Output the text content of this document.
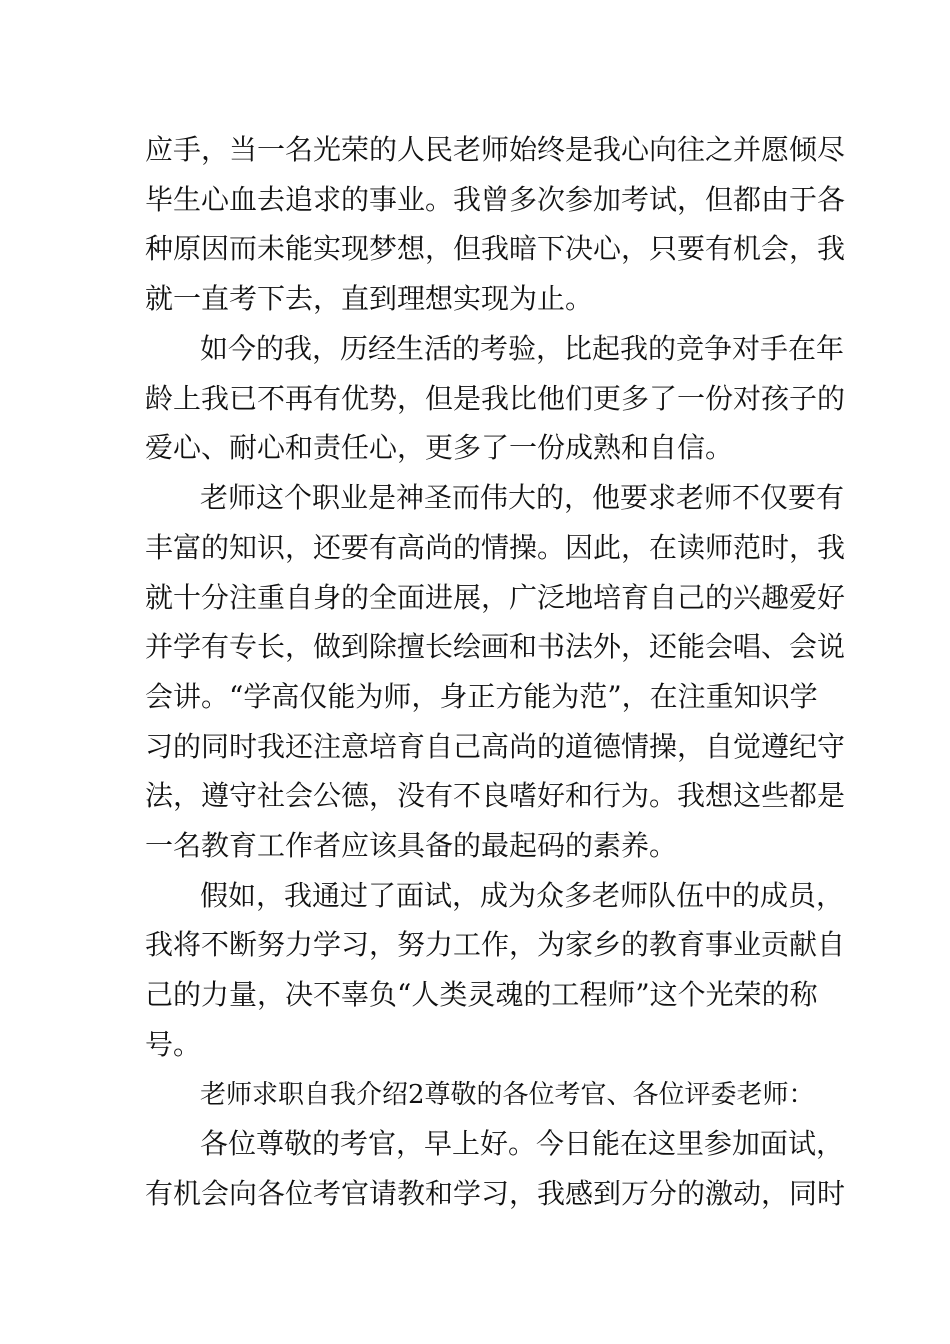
应手，当一名光荣的人民老师始终是我心向往之并愿倾尽
毕生心血去追求的事业。我曾多次参加考试，但都由于各
种原因而未能实现梦想，但我暗下决心，只要有机会，我
就一直考下去，直到理想实现为止。
如今的我，历经生活的考验，比起我的竞争对手在年
龄上我已不再有优势，但是我比他们更多了一份对孩子的
爱心、耐心和责任心，更多了一份成熟和自信。
老师这个职业是神圣而伟大的，他要求老师不仅要有
丰富的知识，还要有高尚的情操。因此，在读师范时，我
就十分注重自身的全面进展，广泛地培育自己的兴趣爱好
并学有专长，做到除擅长绘画和书法外，还能会唱、会说
会讲。“学高仅能为师，身正方能为范”，在注重知识学
习的同时我还注意培育自己高尚的道德情操，自觉遵纪守
法，遵守社会公德，没有不良嗜好和行为。我想这些都是
一名教育工作者应该具备的最起码的素养。
假如，我通过了面试，成为众多老师队伍中的成员，
我将不断努力学习，努力工作，为家乡的教育事业贡献自
己的力量，决不辜负“人类灵魂的工程师”这个光荣的称
号。
老师求职自我介绍2尊敬的各位考官、各位评委老师：
各位尊敬的考官，早上好。今日能在这里参加面试，
有机会向各位考官请教和学习，我感到万分的激动，同时
